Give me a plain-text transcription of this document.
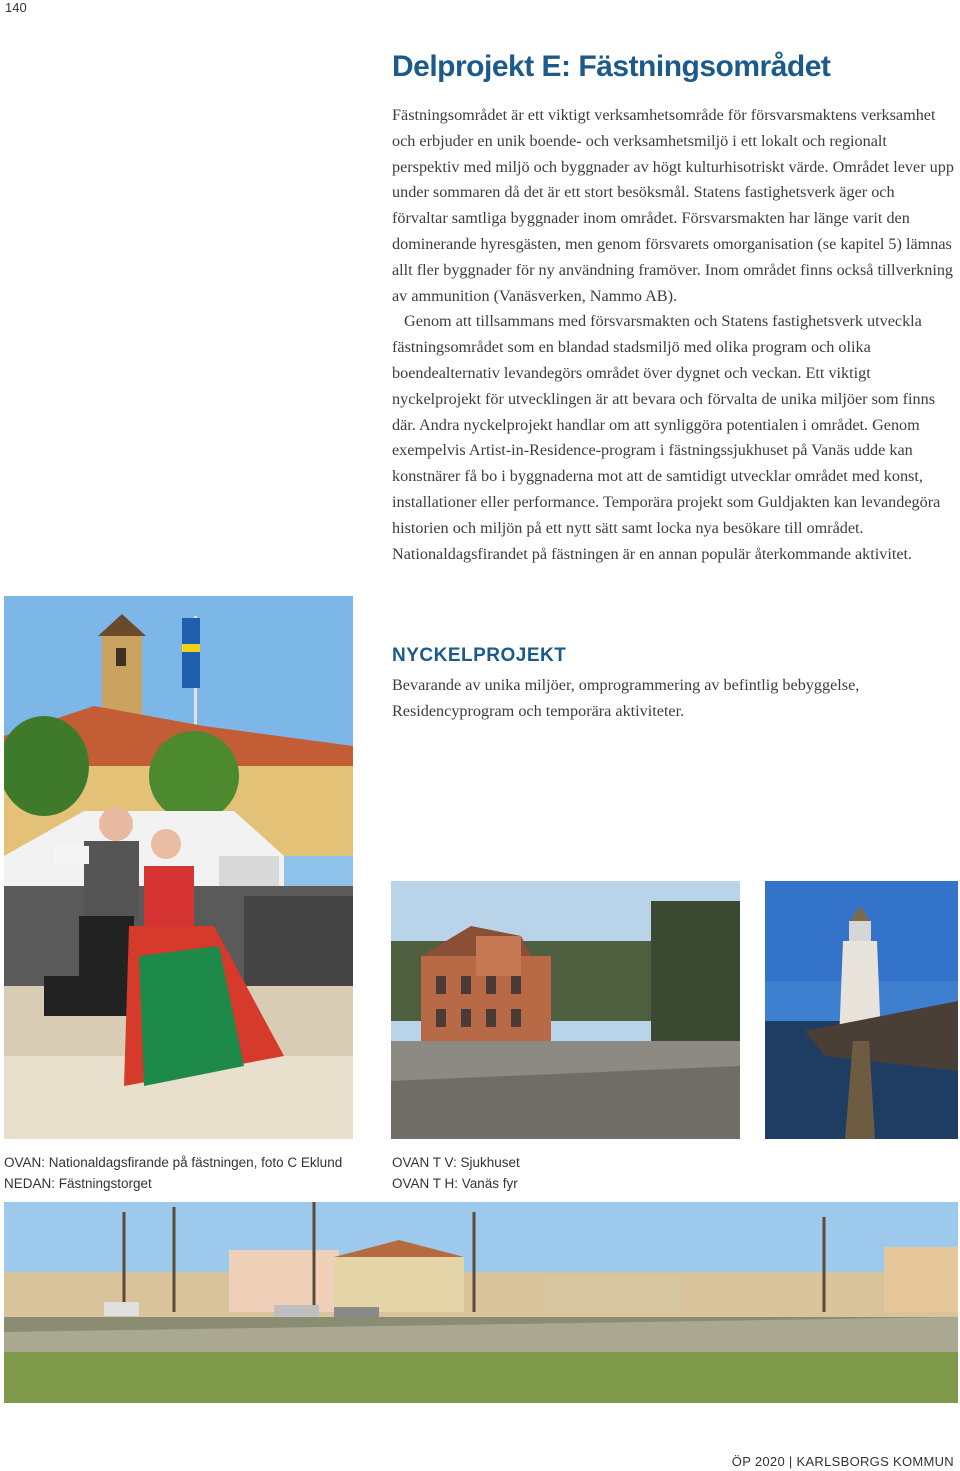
140
Delprojekt E: Fästningsområdet

Fästningsområdet är ett viktigt verksamhetsområde för försvarsmaktens verksamhet och erbjuder en unik boende- och verksamhetsmiljö i ett lokalt och regionalt perspektiv med miljö och byggnader av högt kulturhisotriskt värde. Området lever upp under sommaren då det är ett stort besöksmål. Statens fastighetsverk äger och förvaltar samtliga byggnader inom området. Försvarsmakten har länge varit den dominerande hyresgästen, men genom försvarets omorganisation (se kapitel 5) lämnas allt fler byggnader för ny användning framöver. Inom området finns också tillverkning av ammunition (Vanäsverken, Nammo AB).

Genom att tillsammans med försvarsmakten och Statens fastighetsverk utveckla fästningsområdet som en blandad stadsmiljö med olika program och olika boendealternativ levandegörs området över dygnet och veckan. Ett viktigt nyckelprojekt för utvecklingen är att bevara och förvalta de unika miljöer som finns där. Andra nyckelprojekt handlar om att synliggöra potentialen i området. Genom exempelvis Artist-in-Residence-program i fästningssjukhuset på Vanäs udde kan konstnärer få bo i byggnaderna mot att de samtidigt utvecklar området med konst, installationer eller performance. Temporära projekt som Guldjakten kan levandegöra historien och miljön på ett nytt sätt samt locka nya besökare till området. Nationaldagsfirandet på fästningen är en annan populär återkommande aktivitet.

NYCKELPROJEKT

Bevarande av unika miljöer, omprogrammering av befintlig bebyggelse, Residencyprogram och temporära aktiviteter.

OVAN: Nationaldagsfirande på fästningen, foto C Eklund
NEDAN: Fästningstorget
OVAN T V: Sjukhuset
OVAN T H: Vanäs fyr
ÖP 2020 | KARLSBORGS KOMMUN
